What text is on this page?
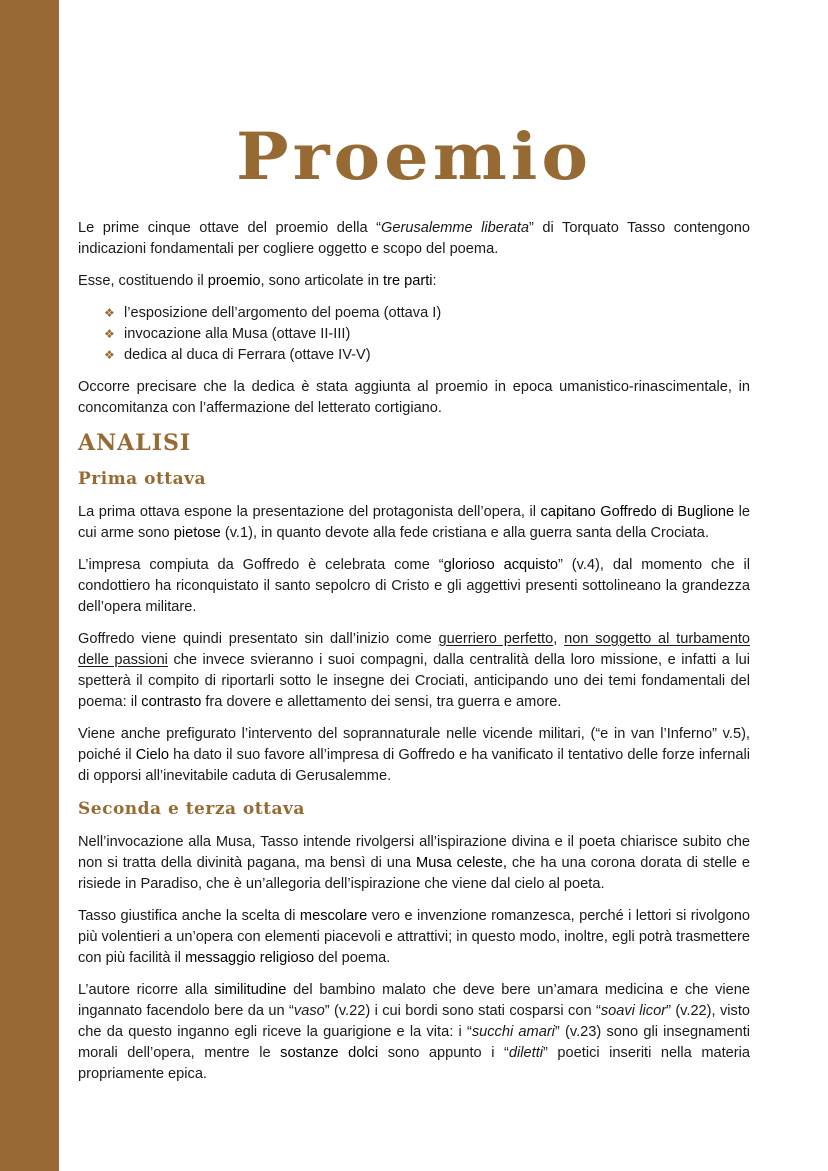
Proemio

Le prime cinque ottave del proemio della “Gerusalemme liberata” di Torquato Tasso contengono indicazioni fondamentali per cogliere oggetto e scopo del poema.

Esse, costituendo il proemio, sono articolate in tre parti:

❖ l’esposizione dell’argomento del poema (ottava I)
❖ invocazione alla Musa (ottave II-III)
❖ dedica al duca di Ferrara (ottave IV-V)

Occorre precisare che la dedica è stata aggiunta al proemio in epoca umanistico-rinascimentale, in concomitanza con l’affermazione del letterato cortigiano.

ANALISI
Prima ottava

La prima ottava espone la presentazione del protagonista dell’opera, il capitano Goffredo di Buglione le cui arme sono pietose (v.1), in quanto devote alla fede cristiana e alla guerra santa della Crociata.

L’impresa compiuta da Goffredo è celebrata come “glorioso acquisto” (v.4), dal momento che il condottiero ha riconquistato il santo sepolcro di Cristo e gli aggettivi presenti sottolineano la grandezza dell’opera militare.

Goffredo viene quindi presentato sin dall’inizio come guerriero perfetto, non soggetto al turbamento delle passioni che invece svieranno i suoi compagni, dalla centralità della loro missione, e infatti a lui spetterà il compito di riportarli sotto le insegne dei Crociati, anticipando uno dei temi fondamentali del poema: il contrasto fra dovere e allettamento dei sensi, tra guerra e amore.

Viene anche prefigurato l’intervento del soprannaturale nelle vicende militari, (“e in van l’Inferno” v.5), poiché il Cielo ha dato il suo favore all’impresa di Goffredo e ha vanificato il tentativo delle forze infernali di opporsi all’inevitabile caduta di Gerusalemme.

Seconda e terza ottava

Nell’invocazione alla Musa, Tasso intende rivolgersi all’ispirazione divina e il poeta chiarisce subito che non si tratta della divinità pagana, ma bensì di una Musa celeste, che ha una corona dorata di stelle e risiede in Paradiso, che è un’allegoria dell’ispirazione che viene dal cielo al poeta.

Tasso giustifica anche la scelta di mescolare vero e invenzione romanzesca, perché i lettori si rivolgono più volentieri a un’opera con elementi piacevoli e attrattivi; in questo modo, inoltre, egli potrà trasmettere con più facilità il messaggio religioso del poema.

L’autore ricorre alla similitudine del bambino malato che deve bere un’amara medicina e che viene ingannato facendolo bere da un “vaso” (v.22) i cui bordi sono stati cosparsi con “soavi licor” (v.22), visto che da questo inganno egli riceve la guarigione e la vita: i “succhi amari” (v.23) sono gli insegnamenti morali dell’opera, mentre le sostanze dolci sono appunto i “diletti” poetici inseriti nella materia propriamente epica.
